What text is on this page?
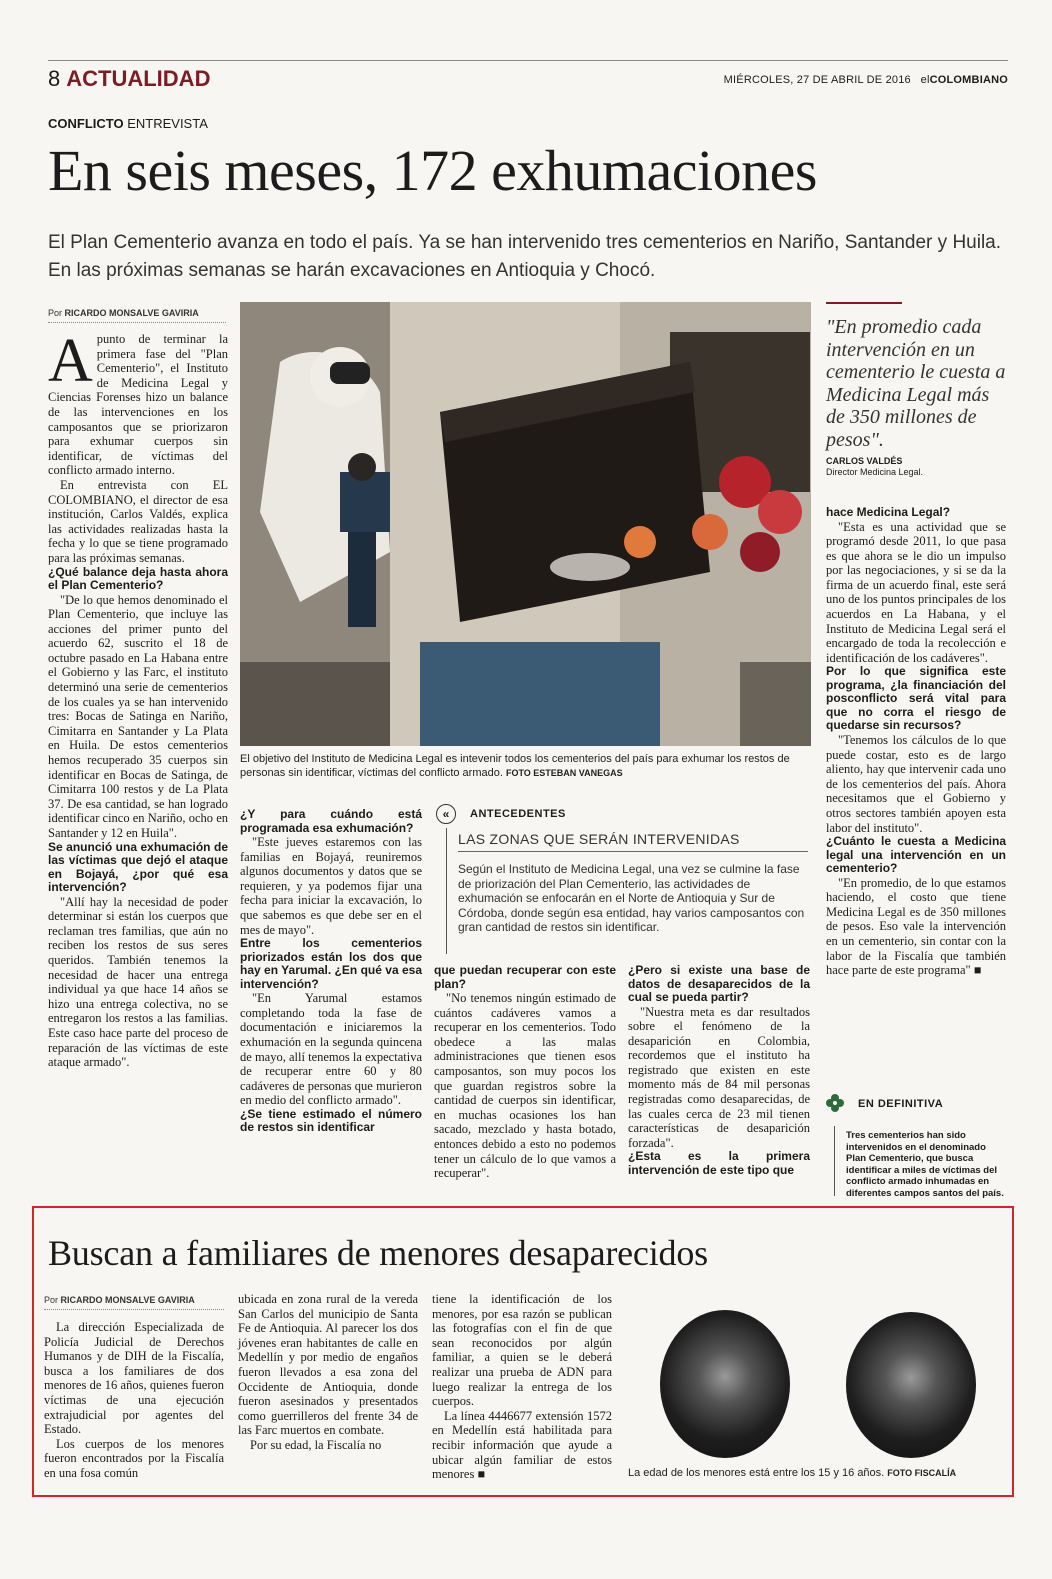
8 ACTUALIDAD	MIÉRCOLES, 27 DE ABRIL DE 2016 elCOLOMBIANO
CONFLICTO ENTREVISTA
En seis meses, 172 exhumaciones
El Plan Cementerio avanza en todo el país. Ya se han intervenido tres cementerios en Nariño, Santander y Huila. En las próximas semanas se harán excavaciones en Antioquia y Chocó.
Por RICARDO MONSALVE GAVIRIA

Apunto de terminar la primera fase del "Plan Cementerio", el Instituto de Medicina Legal y Ciencias Forenses hizo un balance de las intervenciones en los camposantos que se priorizaron para exhumar cuerpos sin identificar, de víctimas del conflicto armado interno.

En entrevista con EL COLOMBIANO, el director de esa institución, Carlos Valdés, explica las actividades realizadas hasta la fecha y lo que se tiene programado para las próximas semanas.

¿Qué balance deja hasta ahora el Plan Cementerio?

"De lo que hemos denominado el Plan Cementerio, que incluye las acciones del primer punto del acuerdo 62, suscrito el 18 de octubre pasado en La Habana entre el Gobierno y las Farc, el instituto determinó una serie de cementerios de los cuales ya se han intervenido tres: Bocas de Satinga en Nariño, Cimitarra en Santander y La Plata en Huila. De estos cementerios hemos recuperado 35 cuerpos sin identificar en Bocas de Satinga, de Cimitarra 100 restos y de La Plata 37. De esa cantidad, se han logrado identificar cinco en Nariño, ocho en Santander y 12 en Huila".

Se anunció una exhumación de las víctimas que dejó el ataque en Bojayá, ¿por qué esa intervención?

"Allí hay la necesidad de poder determinar si están los cuerpos que reclaman tres familias, que aún no reciben los restos de sus seres queridos. También tenemos la necesidad de hacer una entrega individual ya que hace 14 años se hizo una entrega colectiva, no se entregaron los restos a las familias. Este caso hace parte del proceso de reparación de las víctimas de este ataque armado".

El objetivo del Instituto de Medicina Legal es intevenir todos los cementerios del país para exhumar los restos de personas sin identificar, víctimas del conflicto armado. FOTO ESTEBAN VANEGAS

¿Y para cuándo está programada esa exhumación?

"Este jueves estaremos con las familias en Bojayá, reuniremos algunos documentos y datos que se requieren, y ya podemos fijar una fecha para iniciar la excavación, lo que sabemos es que debe ser en el mes de mayo".

Entre los cementerios priorizados están los dos que hay en Yarumal. ¿En qué va esa intervención?

"En Yarumal estamos completando toda la fase de documentación e iniciaremos la exhumación en la segunda quincena de mayo, allí tenemos la expectativa de recuperar entre 60 y 80 cadáveres de personas que murieron en medio del conflicto armado".

¿Se tiene estimado el número de restos sin identificar

«	ANTECEDENTES
LAS ZONAS QUE SERÁN INTERVENIDAS
Según el Instituto de Medicina Legal, una vez se culmine la fase de priorización del Plan Cementerio, las actividades de exhumación se enfocarán en el Norte de Antioquia y Sur de Córdoba, donde según esa entidad, hay varios camposantos con gran cantidad de restos sin identificar.

que puedan recuperar con este plan?

"No tenemos ningún estimado de cuántos cadáveres vamos a recuperar en los cementerios. Todo obedece a las malas administraciones que tienen esos camposantos, son muy pocos los que guardan registros sobre la cantidad de cuerpos sin identificar, en muchas ocasiones los han sacado, mezclado y hasta botado, entonces debido a esto no podemos tener un cálculo de lo que vamos a recuperar".

¿Pero si existe una base de datos de desaparecidos de la cual se pueda partir?

"Nuestra meta es dar resultados sobre el fenómeno de la desaparición en Colombia, recordemos que el instituto ha registrado que existen en este momento más de 84 mil personas registradas como desaparecidas, de las cuales cerca de 23 mil tienen características de desaparición forzada".

¿Esta es la primera intervención de este tipo que

"En promedio cada intervención en un cementerio le cuesta a Medicina Legal más de 350 millones de pesos".
CARLOS VALDÉS
Director Medicina Legal.

hace Medicina Legal?

"Esta es una actividad que se programó desde 2011, lo que pasa es que ahora se le dio un impulso por las negociaciones, y si se da la firma de un acuerdo final, este será uno de los puntos principales de los acuerdos en La Habana, y el Instituto de Medicina Legal será el encargado de toda la recolección e identificación de los cadáveres".

Por lo que significa este programa, ¿la financiación del posconflicto será vital para que no corra el riesgo de quedarse sin recursos?

"Tenemos los cálculos de lo que puede costar, esto es de largo aliento, hay que intervenir cada uno de los cementerios del país. Ahora necesitamos que el Gobierno y otros sectores también apoyen esta labor del instituto".

¿Cuánto le cuesta a Medicina legal una intervención en un cementerio?

"En promedio, de lo que estamos haciendo, el costo que tiene Medicina Legal es de 350 millones de pesos. Eso vale la intervención en un cementerio, sin contar con la labor de la Fiscalía que también hace parte de este programa" ■

EN DEFINITIVA
Tres cementerios han sido intervenidos en el denominado Plan Cementerio, que busca identificar a miles de víctimas del conflicto armado inhumadas en diferentes campos santos del país.
Buscan a familiares de menores desaparecidos
Por RICARDO MONSALVE GAVIRIA

La dirección Especializada de Policía Judicial de Derechos Humanos y de DIH de la Fiscalía, busca a los familiares de dos menores de 16 años, quienes fueron víctimas de una ejecución extrajudicial por agentes del Estado.

Los cuerpos de los menores fueron encontrados por la Fiscalía en una fosa común

ubicada en zona rural de la vereda San Carlos del municipio de Santa Fe de Antioquia. Al parecer los dos jóvenes eran habitantes de calle en Medellín y por medio de engaños fueron llevados a esa zona del Occidente de Antioquia, donde fueron asesinados y presentados como guerrilleros del frente 34 de las Farc muertos en combate.

Por su edad, la Fiscalía no

tiene la identificación de los menores, por esa razón se publican las fotografías con el fin de que sean reconocidos por algún familiar, a quien se le deberá realizar una prueba de ADN para luego realizar la entrega de los cuerpos.

La línea 4446677 extensión 1572 en Medellín está habilitada para recibir información que ayude a ubicar algún familiar de estos menores ■	La edad de los menores está entre los 15 y 16 años. FOTO FISCALÍA
